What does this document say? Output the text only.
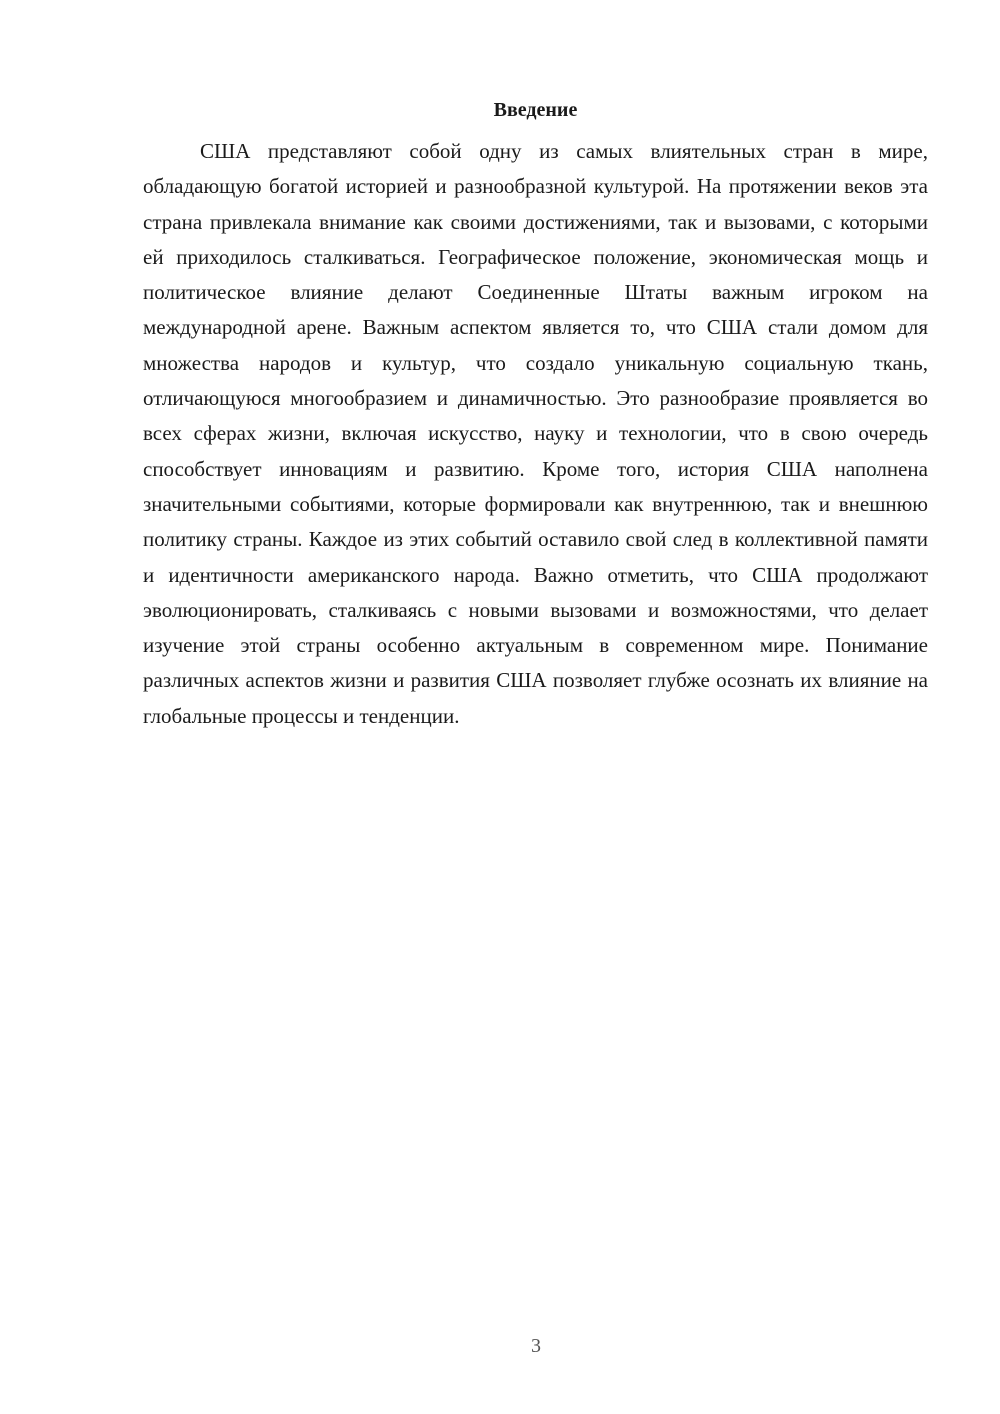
Введение

США представляют собой одну из самых влиятельных стран в мире, обладающую богатой историей и разнообразной культурой. На протяжении веков эта страна привлекала внимание как своими достижениями, так и вызовами, с которыми ей приходилось сталкиваться. Географическое положение, экономическая мощь и политическое влияние делают Соединенные Штаты важным игроком на международной арене. Важным аспектом является то, что США стали домом для множества народов и культур, что создало уникальную социальную ткань, отличающуюся многообразием и динамичностью. Это разнообразие проявляется во всех сферах жизни, включая искусство, науку и технологии, что в свою очередь способствует инновациям и развитию. Кроме того, история США наполнена значительными событиями, которые формировали как внутреннюю, так и внешнюю политику страны. Каждое из этих событий оставило свой след в коллективной памяти и идентичности американского народа. Важно отметить, что США продолжают эволюционировать, сталкиваясь с новыми вызовами и возможностями, что делает изучение этой страны особенно актуальным в современном мире. Понимание различных аспектов жизни и развития США позволяет глубже осознать их влияние на глобальные процессы и тенденции.

3
